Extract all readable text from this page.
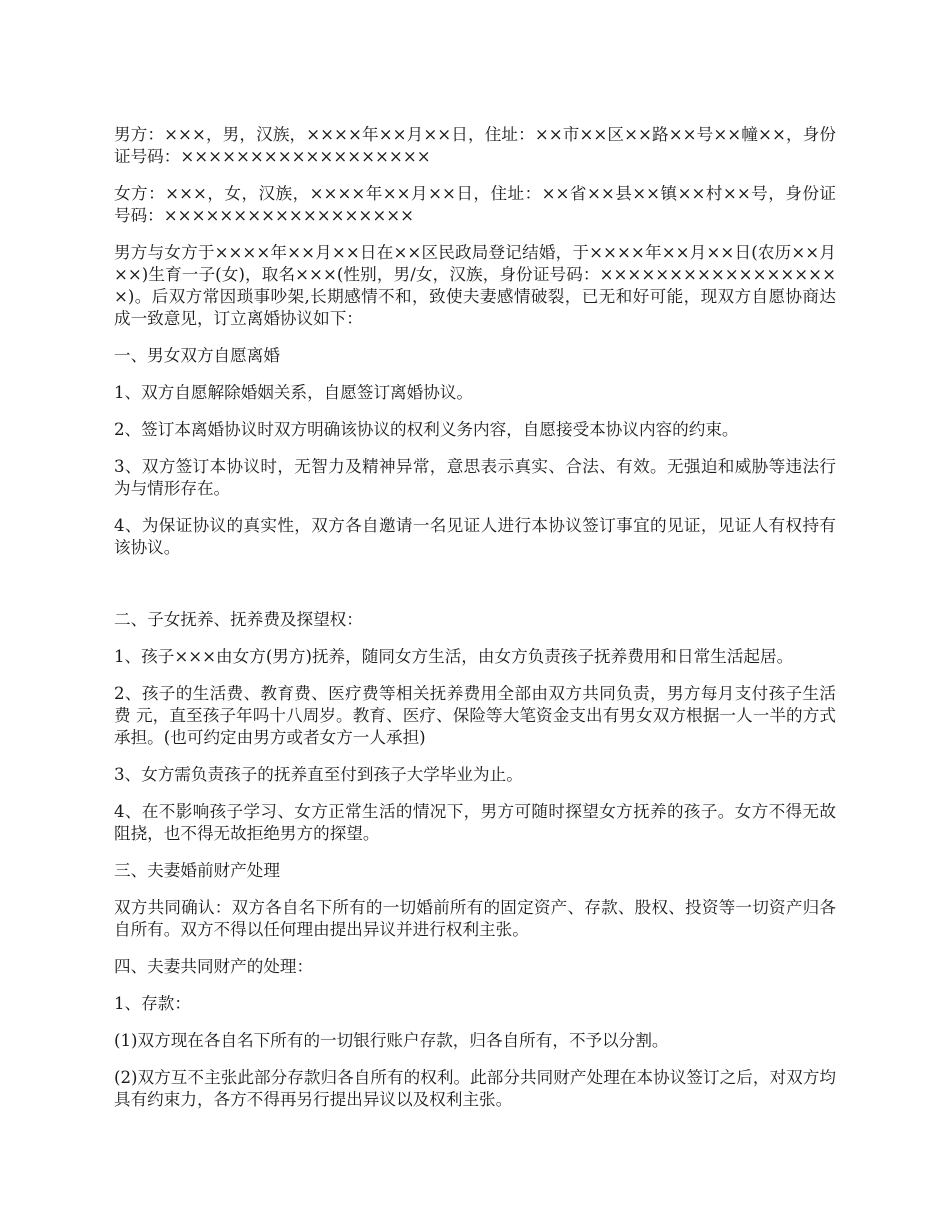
男方：×××，男，汉族，××××年××月××日，住址：××市××区××路××号××幢××，身份证号码：××××××××××××××××××

女方：×××，女，汉族，××××年××月××日，住址：××省××县××镇××村××号，身份证号码：××××××××××××××××××

男方与女方于××××年××月××日在××区民政局登记结婚，于××××年××月××日(农历××月××)生育一子(女)，取名×××(性别，男/女，汉族，身份证号码：××××××××××××××××××)。后双方常因琐事吵架,长期感情不和，致使夫妻感情破裂，已无和好可能，现双方自愿协商达成一致意见，订立离婚协议如下：

一、男女双方自愿离婚

1、双方自愿解除婚姻关系，自愿签订离婚协议。

2、签订本离婚协议时双方明确该协议的权利义务内容，自愿接受本协议内容的约束。

3、双方签订本协议时，无智力及精神异常，意思表示真实、合法、有效。无强迫和威胁等违法行为与情形存在。

4、为保证协议的真实性，双方各自邀请一名见证人进行本协议签订事宜的见证，见证人有权持有该协议。

二、子女抚养、抚养费及探望权：

1、孩子×××由女方(男方)抚养，随同女方生活，由女方负责孩子抚养费用和日常生活起居。

2、孩子的生活费、教育费、医疗费等相关抚养费用全部由双方共同负责，男方每月支付孩子生活费 元，直至孩子年吗十八周岁。教育、医疗、保险等大笔资金支出有男女双方根据一人一半的方式承担。(也可约定由男方或者女方一人承担)

3、女方需负责孩子的抚养直至付到孩子大学毕业为止。

4、在不影响孩子学习、女方正常生活的情况下，男方可随时探望女方抚养的孩子。女方不得无故阻挠，也不得无故拒绝男方的探望。

三、夫妻婚前财产处理

双方共同确认：双方各自名下所有的一切婚前所有的固定资产、存款、股权、投资等一切资产归各自所有。双方不得以任何理由提出异议并进行权利主张。

四、夫妻共同财产的处理：

1、存款：

(1)双方现在各自名下所有的一切银行账户存款，归各自所有，不予以分割。

(2)双方互不主张此部分存款归各自所有的权利。此部分共同财产处理在本协议签订之后，对双方均具有约束力，各方不得再另行提出异议以及权利主张。
